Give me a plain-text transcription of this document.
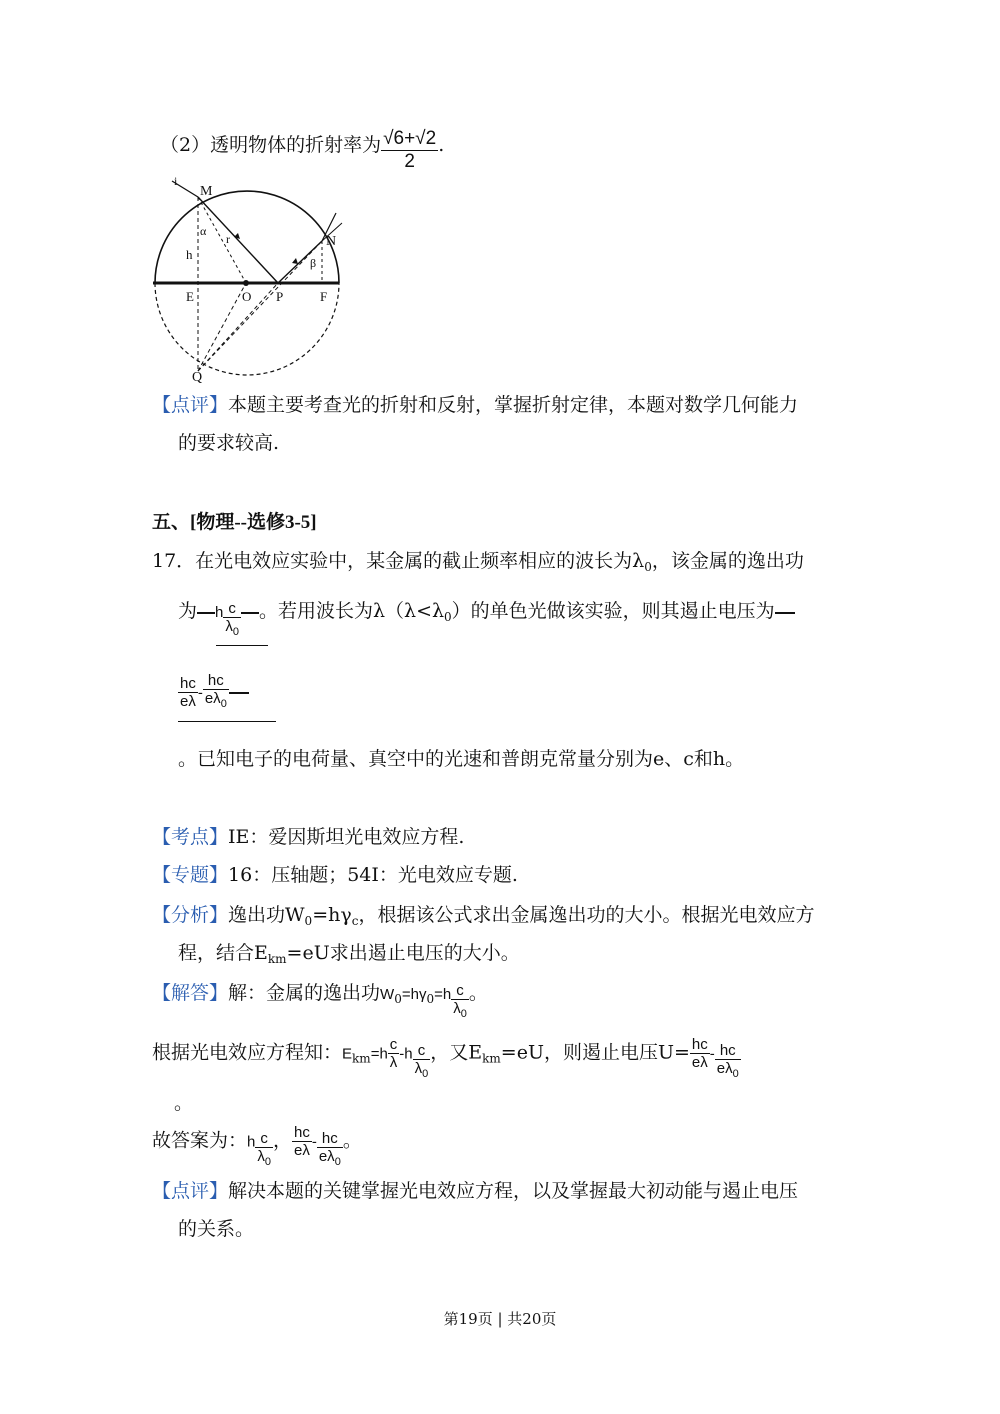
（2）透明物体的折射率为 $\frac{√6+√2}{2}$ .
i
M
α
r
h
N
β
E	O P	F
Q
【点评】本题主要考查光的折射和反射，掌握折射定律，本题对数学几何能力
的要求较高.
五、[物理--选修3-5]
17．在光电效应实验中，某金属的截止频率相应的波长为$\lambda_0$，该金属的逸出功
为 h $\frac{c}{\lambda_0}$ 。若用波长为$\lambda(\lambda<\lambda_0)$的单色光做该实验，则其遏止电压为
$\frac{hc}{e\lambda} - \frac{hc}{e\lambda_0}$
。已知电子的电荷量、真空中的光速和普朗克常量分别为e、c和h。
【考点】IE：爱因斯坦光电效应方程.
【专题】16：压轴题；54I：光电效应专题.
【分析】逸出功$W_0=h\gamma_c$，根据该公式求出金属逸出功的大小。根据光电效应方
程，结合$E_{km}=eU$求出遏止电压的大小。
【解答】解：金属的逸出功$W_0=h\gamma_0=h \frac{c}{\lambda_0}$ 。
根据光电效应方程知：$E_{km}=h \frac{c}{\lambda} -h \frac{c}{\lambda_0}$ ，又$E_{km}=eU$，则遏止电压$U= \frac{hc}{e\lambda} - \frac{hc}{e\lambda_0}$
。
故答案为：h $\frac{c}{\lambda_0}$ ， $\frac{hc}{e\lambda} - \frac{hc}{e\lambda_0}$ 。
【点评】解决本题的关键掌握光电效应方程，以及掌握最大初动能与遏止电压
的关系。
第19页 | 共20页
